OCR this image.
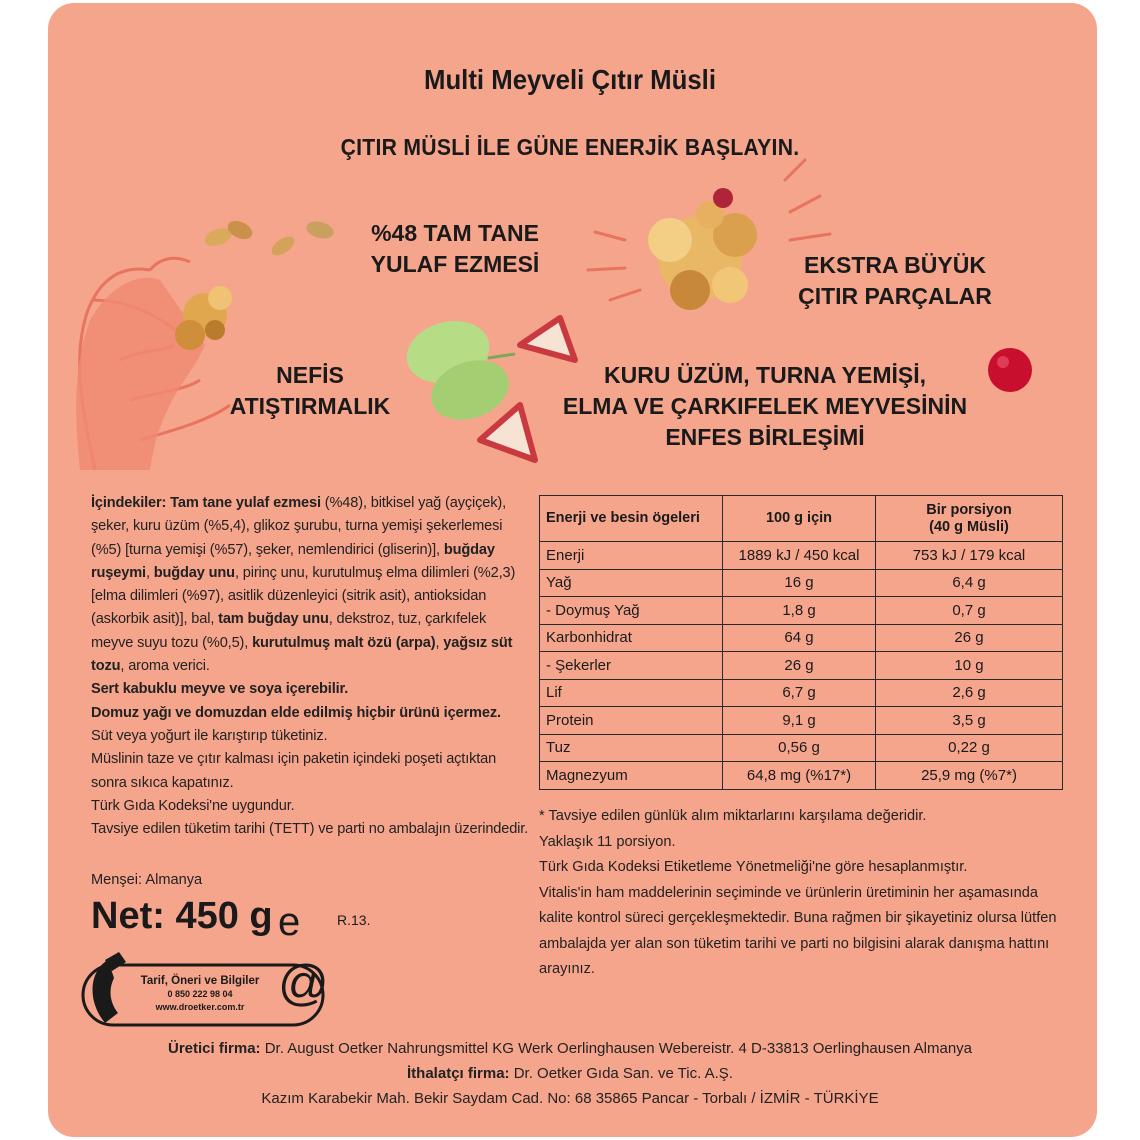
Multi Meyveli Çıtır Müsli
ÇITIR MÜSLİ İLE GÜNE ENERJİK BAŞLAYIN.
%48 TAM TANE
YULAF EZMESİ	EKSTRA BÜYÜK
ÇITIR PARÇALAR
NEFİS
ATIŞTIRMALIK
KURU ÜZÜM, TURNA YEMİŞİ,
ELMA VE ÇARKIFELEK MEYVESİNİN
ENFES BİRLEŞİMİ

İçindekiler: Tam tane yulaf ezmesi (%48), bitkisel yağ (ayçiçek), şeker, kuru üzüm (%5,4), glikoz şurubu, turna yemişi şekerlemesi (%5) [turna yemişi (%57), şeker, nemlendirici (gliserin)], buğday ruşeymi, buğday unu, pirinç unu, kurutulmuş elma dilimleri (%2,3) [elma dilimleri (%97), asitlik düzenleyici (sitrik asit), antioksidan (askorbik asit)], bal, tam buğday unu, dekstroz, tuz, çarkıfelek meyve suyu tozu (%0,5), kurutulmuş malt özü (arpa), yağsız süt tozu, aroma verici.

Sert kabuklu meyve ve soya içerebilir.

Domuz yağı ve domuzdan elde edilmiş hiçbir ürünü içermez.

Süt veya yoğurt ile karıştırıp tüketiniz.

Müslinin taze ve çıtır kalması için paketin içindeki poşeti açtıktan sonra sıkıca kapatınız.

Türk Gıda Kodeksi'ne uygundur.

Tavsiye edilen tüketim tarihi (TETT) ve parti no ambalajın üzerindedir.

Menşei: Almanya
Net: 450 g e	R.13.
Enerji ve besin ögeleri	100 g için	Bir porsiyon
(40 g Müsli)

Enerji	1889 kJ / 450 kcal	753 kJ / 179 kcal
Yağ	16 g	6,4 g
- Doymuş Yağ	1,8 g	0,7 g
Karbonhidrat	64 g	26 g
- Şekerler	26 g	10 g
Lif	6,7 g	2,6 g
Protein	9,1 g	3,5 g
Tuz	0,56 g	0,22 g
Magnezyum	64,8 mg (%17*)	25,9 mg (%7*)

* Tavsiye edilen günlük alım miktarlarını karşılama değeridir.

Yaklaşık 11 porsiyon.

Türk Gıda Kodeksi Etiketleme Yönetmeliği'ne göre hesaplanmıştır.

Vitalis'in ham maddelerinin seçiminde ve ürünlerin üretiminin her aşamasında kalite kontrol süreci gerçekleşmektedir. Buna rağmen bir şikayetiniz olursa lütfen ambalajda yer alan son tüketim tarihi ve parti no bilgisini alarak danışma hattını arayınız.

Tarif, Öneri ve Bilgiler
0 850 222 98 04
www.droetker.com.tr @
Üretici firma: Dr. August Oetker Nahrungsmittel KG Werk Oerlinghausen Webereistr. 4 D-33813 Oerlinghausen Almanya
İthalatçı firma: Dr. Oetker Gıda San. ve Tic. A.Ş.
Kazım Karabekir Mah. Bekir Saydam Cad. No: 68 35865 Pancar - Torbalı / İZMİR - TÜRKİYE
